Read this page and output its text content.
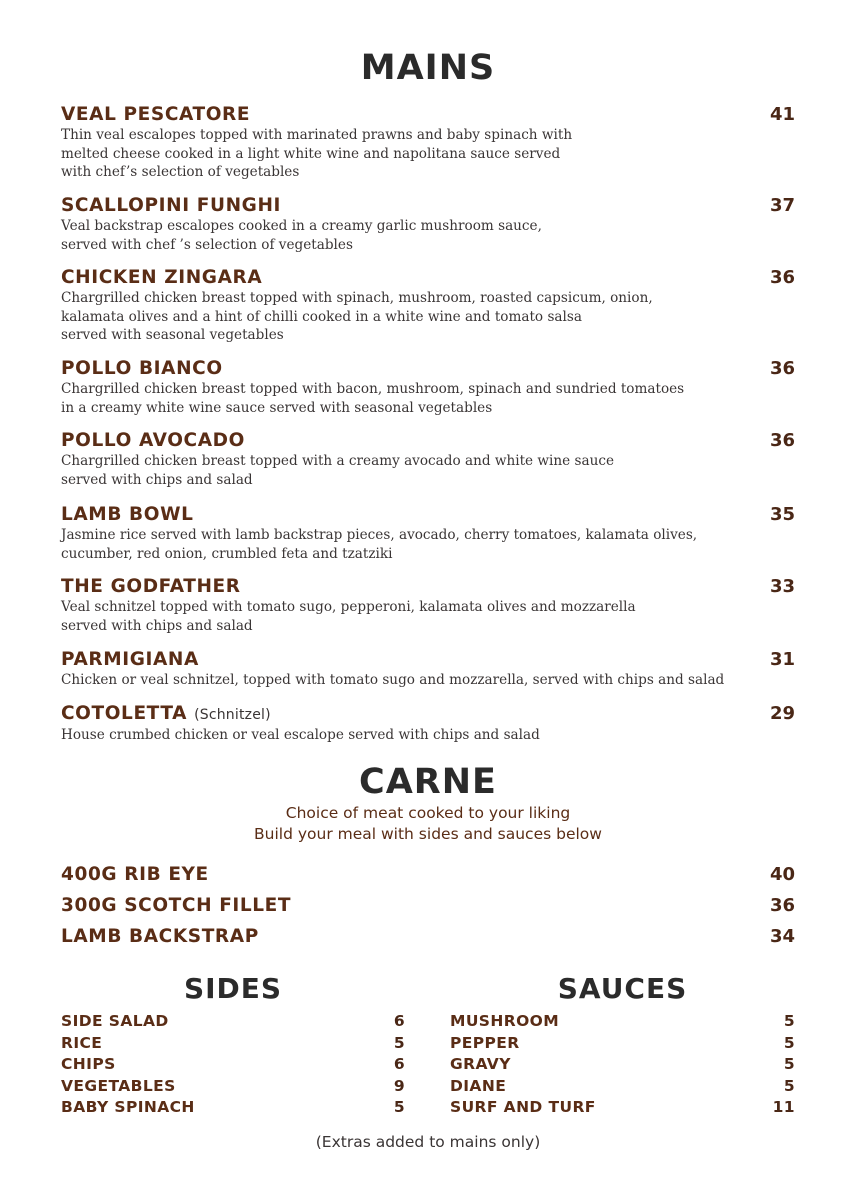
MAINS
VEAL PESCATORE	41
Thin veal escalopes topped with marinated prawns and baby spinach with
melted cheese cooked in a light white wine and napolitana sauce served
with chef’s selection of vegetables
SCALLOPINI FUNGHI	37
Veal backstrap escalopes cooked in a creamy garlic mushroom sauce,
served with chef ’s selection of vegetables
CHICKEN ZINGARA	36
Chargrilled chicken breast topped with spinach, mushroom, roasted capsicum, onion,
kalamata olives and a hint of chilli cooked in a white wine and tomato salsa
served with seasonal vegetables
POLLO BIANCO	36
Chargrilled chicken breast topped with bacon, mushroom, spinach and sundried tomatoes
in a creamy white wine sauce served with seasonal vegetables
POLLO AVOCADO	36
Chargrilled chicken breast topped with a creamy avocado and white wine sauce
served with chips and salad
LAMB BOWL	35
Jasmine rice served with lamb backstrap pieces, avocado, cherry tomatoes, kalamata olives,
cucumber, red onion, crumbled feta and tzatziki
THE GODFATHER	33
Veal schnitzel topped with tomato sugo, pepperoni, kalamata olives and mozzarella
served with chips and salad
PARMIGIANA	31
Chicken or veal schnitzel, topped with tomato sugo and mozzarella, served with chips and salad
COTOLETTA (Schnitzel)	29
House crumbed chicken or veal escalope served with chips and salad
CARNE
Choice of meat cooked to your liking
Build your meal with sides and sauces below
400G RIB EYE	40
300G SCOTCH FILLET	36
LAMB BACKSTRAP	34
SIDES
SIDE SALAD	6
RICE	5
CHIPS	6
VEGETABLES	9
BABY SPINACH	5
SAUCES
MUSHROOM	5
PEPPER	5
GRAVY	5
DIANE	5
SURF AND TURF	11
(Extras added to mains only)
